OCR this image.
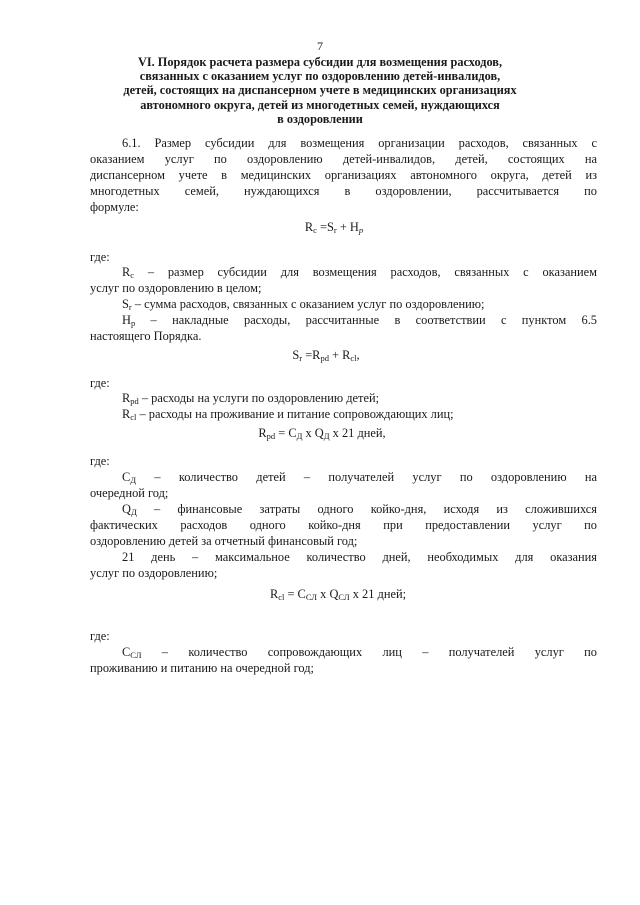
7
VI. Порядок расчета размера субсидии для возмещения расходов,
связанных с оказанием услуг по оздоровлению детей-инвалидов,
детей, состоящих на диспансерном учете в медицинских организациях
автономного округа, детей из многодетных семей, нуждающихся
в оздоровлении
6.1. Размер субсидии для возмещения организации расходов, связанных с
оказанием услуг по оздоровлению детей-инвалидов, детей, состоящих на
диспансерном учете в медицинских организациях автономного округа, детей из
многодетных семей, нуждающихся в оздоровлении, рассчитывается по
формуле:
$R_c =S_r + H_p$
где:
$R_c$ – размер субсидии для возмещения расходов, связанных с оказанием
услуг по оздоровлению в целом;
$S_r$ – сумма расходов, связанных с оказанием услуг по оздоровлению;
$H_p$ – накладные расходы, рассчитанные в соответствии с пунктом 6.5
настоящего Порядка.
$S_r =R_{pd} + R_{cl}$,
где:
$R_{pd}$ – расходы на услуги по оздоровлению детей;
$R_{cl}$ – расходы на проживание и питание сопровождающих лиц;
$R_{pd} = C_Д$ x $Q_Д$ x 21 дней,
где:
$C_Д$ – количество детей – получателей услуг по оздоровлению на
очередной год;
$Q_Д$ – финансовые затраты одного койко-дня, исходя из сложившихся
фактических расходов одного койко-дня при предоставлении услуг по
оздоровлению детей за отчетный финансовый год;
21 день – максимальное количество дней, необходимых для оказания
услуг по оздоровлению;
$R_{cl} = C_{СЛ}$ x $Q_{СЛ}$ x 21 дней;
где:
$C_{СЛ}$ – количество сопровождающих лиц – получателей услуг по
проживанию и питанию на очередной год;
